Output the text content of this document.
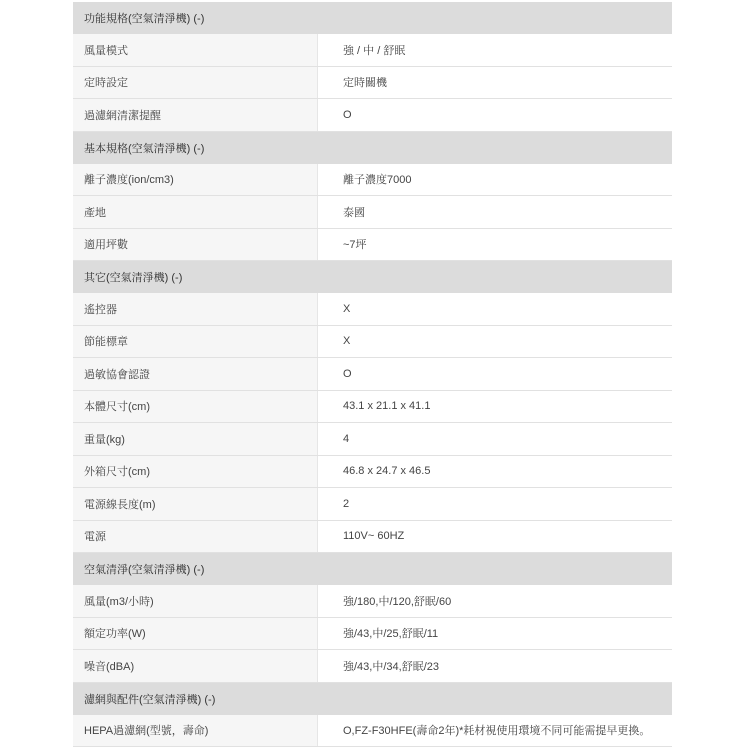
功能規格(空氣清淨機) (-)
風量模式	強 / 中 / 舒眠
定時設定	定時關機
過濾網清潔提醒	O
基本規格(空氣清淨機) (-)
離子濃度(ion/cm3)	離子濃度7000
產地	泰國
適用坪數	~7坪
其它(空氣清淨機) (-)
遙控器	X
節能標章	X
過敏協會認證	O
本體尺寸(cm)	43.1 x 21.1 x 41.1
重量(kg)	4
外箱尺寸(cm)	46.8 x 24.7 x 46.5
電源線長度(m)	2
電源	110V~ 60HZ
空氣清淨(空氣清淨機) (-)
風量(m3/小時)	強/180,中/120,舒眠/60
額定功率(W)	強/43,中/25,舒眠/11
噪音(dBA)	強/43,中/34,舒眠/23
濾網與配件(空氣清淨機) (-)
HEPA過濾網(型號，壽命)	O,FZ-F30HFE(壽命2年)*耗材視使用環境不同可能需提早更換。
